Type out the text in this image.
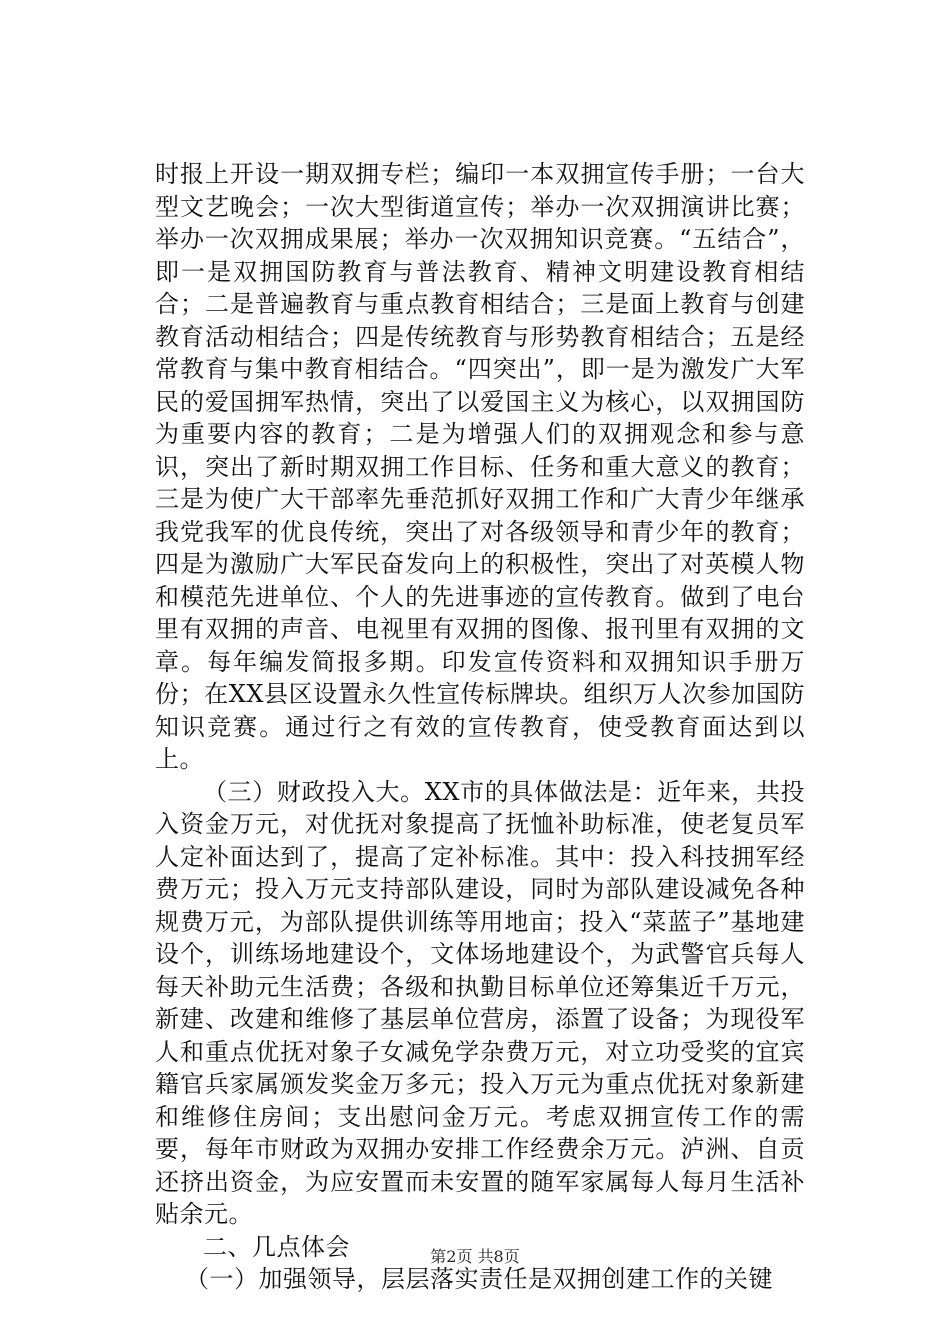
时报上开设一期双拥专栏；编印一本双拥宣传手册；一台大型文艺晚会；一次大型街道宣传；举办一次双拥演讲比赛；举办一次双拥成果展；举办一次双拥知识竞赛。“五结合”，即一是双拥国防教育与普法教育、精神文明建设教育相结合；二是普遍教育与重点教育相结合；三是面上教育与创建教育活动相结合；四是传统教育与形势教育相结合；五是经常教育与集中教育相结合。“四突出”，即一是为激发广大军民的爱国拥军热情，突出了以爱国主义为核心，以双拥国防为重要内容的教育；二是为增强人们的双拥观念和参与意识，突出了新时期双拥工作目标、任务和重大意义的教育；三是为使广大干部率先垂范抓好双拥工作和广大青少年继承我党我军的优良传统，突出了对各级领导和青少年的教育；四是为激励广大军民奋发向上的积极性，突出了对英模人物和模范先进单位、个人的先进事迹的宣传教育。做到了电台里有双拥的声音、电视里有双拥的图像、报刊里有双拥的文章。每年编发简报多期。印发宣传资料和双拥知识手册万份；在XX县区设置永久性宣传标牌块。组织万人次参加国防知识竞赛。通过行之有效的宣传教育，使受教育面达到以上。

（三）财政投入大。XX市的具体做法是：近年来，共投入资金万元，对优抚对象提高了抚恤补助标准，使老复员军人定补面达到了，提高了定补标准。其中：投入科技拥军经费万元；投入万元支持部队建设，同时为部队建设减免各种规费万元，为部队提供训练等用地亩；投入“菜蓝子”基地建设个，训练场地建设个，文体场地建设个，为武警官兵每人每天补助元生活费；各级和执勤目标单位还筹集近千万元，新建、改建和维修了基层单位营房，添置了设备；为现役军人和重点优抚对象子女减免学杂费万元，对立功受奖的宜宾籍官兵家属颁发奖金万多元；投入万元为重点优抚对象新建和维修住房间；支出慰问金万元。考虑双拥宣传工作的需要，每年市财政为双拥办安排工作经费余万元。泸洲、自贡还挤出资金，为应安置而未安置的随军家属每人每月生活补贴余元。

二、几点体会

（一）加强领导，层层落实责任是双拥创建工作的关键

第2页 共8页
